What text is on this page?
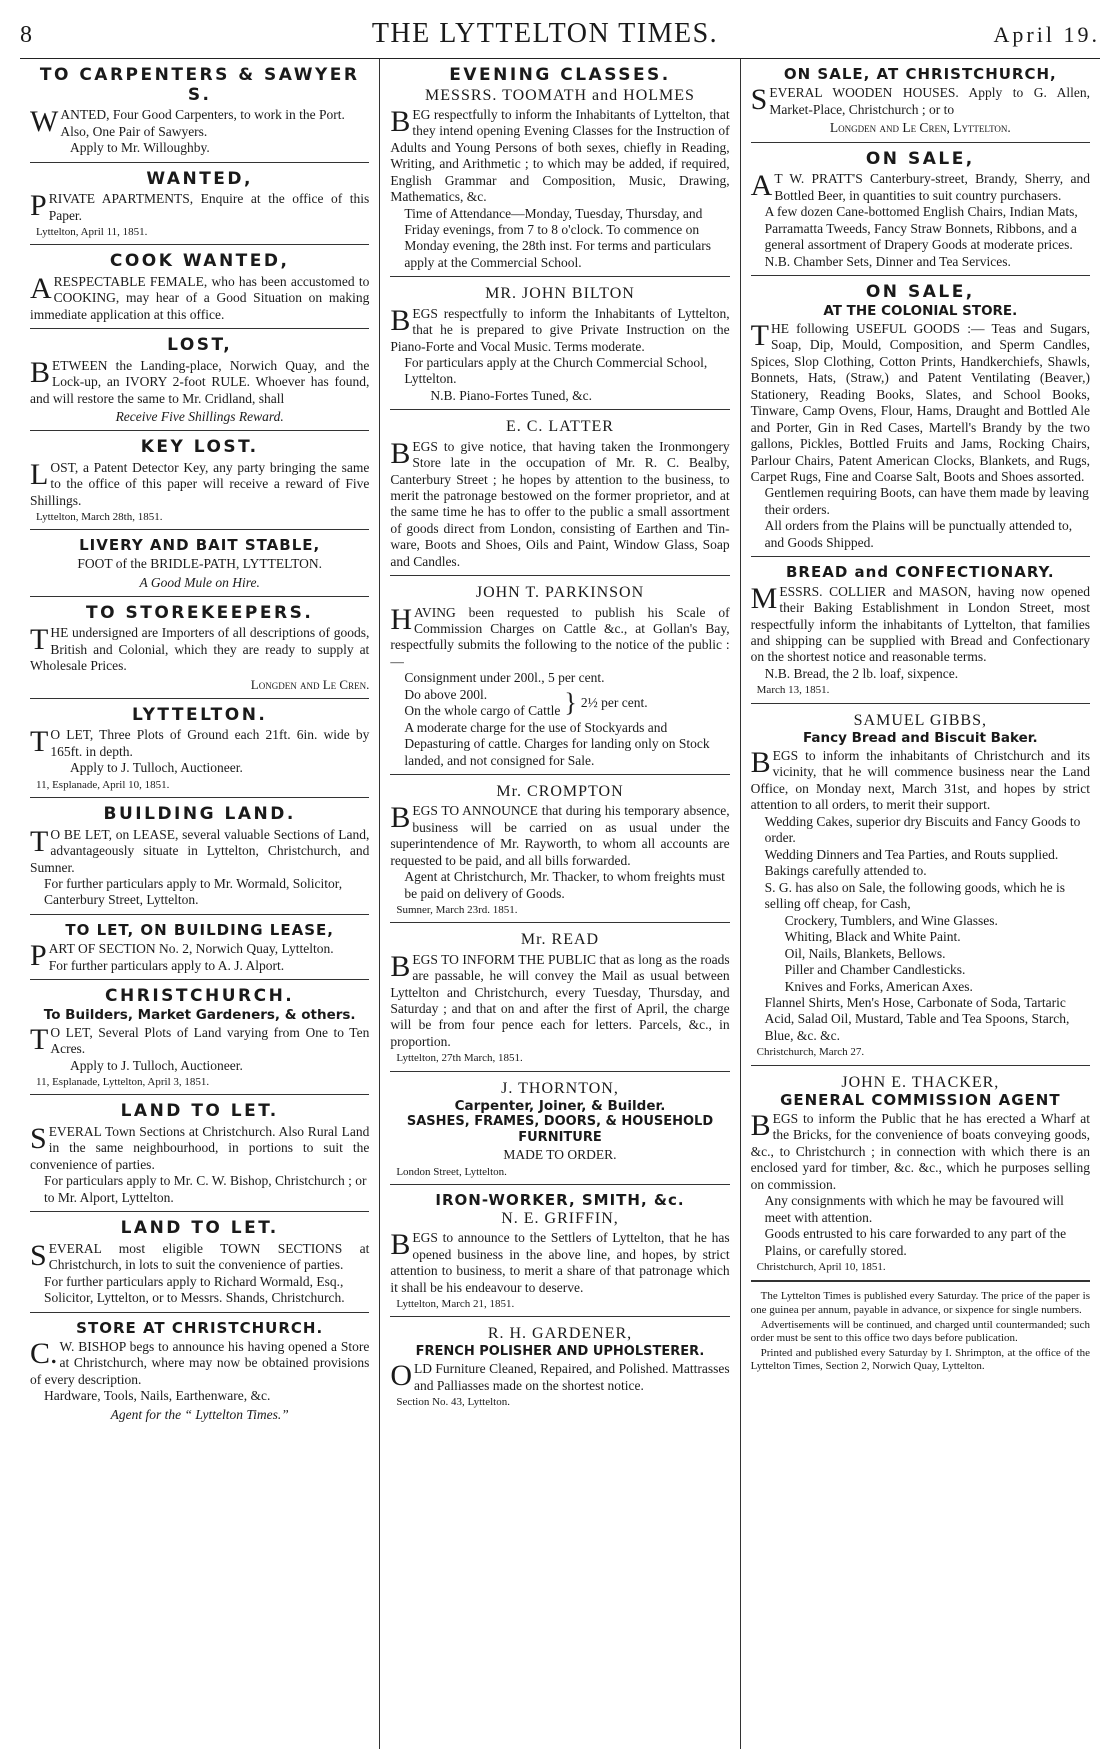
8	THE LYTTELTON TIMES.	April 19.
TO CARPENTERS & SAWYER S.

WANTED, Four Good Carpenters, to work in the Port.

Also, One Pair of Sawyers.

Apply to Mr. Willoughby.

WANTED,

PRIVATE APARTMENTS, Enquire at the office of this Paper.

Lyttelton, April 11, 1851.

COOK WANTED,

ARESPECTABLE FEMALE, who has been accustomed to COOKING, may hear of a Good Situation on making immediate application at this office.

LOST,

BETWEEN the Landing-place, Norwich Quay, and the Lock-up, an IVORY 2-foot RULE. Whoever has found, and will restore the same to Mr. Cridland, shall

Receive Five Shillings Reward.

KEY LOST.

LOST, a Patent Detector Key, any party bringing the same to the office of this paper will receive a reward of Five Shillings.

Lyttelton, March 28th, 1851.

LIVERY AND BAIT STABLE,

FOOT of the BRIDLE-PATH, LYTTELTON.

A Good Mule on Hire.

TO STOREKEEPERS.

THE undersigned are Importers of all descriptions of goods, British and Colonial, which they are ready to supply at Wholesale Prices.

Longden and Le Cren.

LYTTELTON.

TO LET, Three Plots of Ground each 21ft. 6in. wide by 165ft. in depth.

Apply to J. Tulloch, Auctioneer.

11, Esplanade, April 10, 1851.

BUILDING LAND.

TO BE LET, on LEASE, several valuable Sections of Land, advantageously situate in Lyttelton, Christchurch, and Sumner.

For further particulars apply to Mr. Wormald, Solicitor, Canterbury Street, Lyttelton.

TO LET, ON BUILDING LEASE,

PART OF SECTION No. 2, Norwich Quay, Lyttelton.

For further particulars apply to A. J. Alport.

CHRISTCHURCH.
To Builders, Market Gardeners, & others.

TO LET, Several Plots of Land varying from One to Ten Acres.

Apply to J. Tulloch, Auctioneer.

11, Esplanade, Lyttelton, April 3, 1851.

LAND TO LET.

SEVERAL Town Sections at Christchurch. Also Rural Land in the same neighbourhood, in portions to suit the convenience of parties.

For particulars apply to Mr. C. W. Bishop, Christchurch ; or to Mr. Alport, Lyttelton.

LAND TO LET.

SEVERAL most eligible TOWN SECTIONS at Christchurch, in lots to suit the convenience of parties.

For further particulars apply to Richard Wormald, Esq., Solicitor, Lyttelton, or to Messrs. Shands, Christchurch.

STORE AT CHRISTCHURCH.

C.W. BISHOP begs to announce his having opened a Store at Christchurch, where may now be obtained provisions of every description.

Hardware, Tools, Nails, Earthenware, &c.

Agent for the “ Lyttelton Times.”

EVENING CLASSES.
MESSRS. TOOMATH and HOLMES

BEG respectfully to inform the Inhabitants of Lyttelton, that they intend opening Evening Classes for the Instruction of Adults and Young Persons of both sexes, chiefly in Reading, Writing, and Arithmetic ; to which may be added, if required, English Grammar and Composition, Music, Drawing, Mathematics, &c.

Time of Attendance—Monday, Tuesday, Thursday, and Friday evenings, from 7 to 8 o'clock. To commence on Monday evening, the 28th inst. For terms and particulars apply at the Commercial School.

MR. JOHN BILTON

BEGS respectfully to inform the Inhabitants of Lyttelton, that he is prepared to give Private Instruction on the Piano-Forte and Vocal Music. Terms moderate.

For particulars apply at the Church Commercial School, Lyttelton.

N.B. Piano-Fortes Tuned, &c.

E. C. LATTER

BEGS to give notice, that having taken the Ironmongery Store late in the occupation of Mr. R. C. Bealby, Canterbury Street ; he hopes by attention to the business, to merit the patronage bestowed on the former proprietor, and at the same time he has to offer to the public a small assortment of goods direct from London, consisting of Earthen and Tin-ware, Boots and Shoes, Oils and Paint, Window Glass, Soap and Candles.

JOHN T. PARKINSON

HAVING been requested to publish his Scale of Commission Charges on Cattle &c., at Gollan's Bay, respectfully submits the following to the notice of the public :—

Consignment under 200l., 5 per cent.

Do above 200l.
On the whole cargo of Cattle } 2½ per cent.

A moderate charge for the use of Stockyards and Depasturing of cattle. Charges for landing only on Stock landed, and not consigned for Sale.

Mr. CROMPTON

BEGS TO ANNOUNCE that during his temporary absence, business will be carried on as usual under the superintendence of Mr. Rayworth, to whom all accounts are requested to be paid, and all bills forwarded.

Agent at Christchurch, Mr. Thacker, to whom freights must be paid on delivery of Goods.

Sumner, March 23rd. 1851.

Mr. READ

BEGS TO INFORM THE PUBLIC that as long as the roads are passable, he will convey the Mail as usual between Lyttelton and Christchurch, every Tuesday, Thursday, and Saturday ; and that on and after the first of April, the charge will be from four pence each for letters. Parcels, &c., in proportion.

Lyttelton, 27th March, 1851.

J. THORNTON,
Carpenter, Joiner, & Builder.
SASHES, FRAMES, DOORS, & HOUSEHOLD FURNITURE

MADE TO ORDER.

London Street, Lyttelton.

IRON-WORKER, SMITH, &c.
N. E. GRIFFIN,

BEGS to announce to the Settlers of Lyttelton, that he has opened business in the above line, and hopes, by strict attention to business, to merit a share of that patronage which it shall be his endeavour to deserve.

Lyttelton, March 21, 1851.

R. H. GARDENER,
FRENCH POLISHER AND UPHOLSTERER.

OLD Furniture Cleaned, Repaired, and Polished. Mattrasses and Palliasses made on the shortest notice.

Section No. 43, Lyttelton.

ON SALE, AT CHRISTCHURCH,

SEVERAL WOODEN HOUSES. Apply to G. Allen, Market-Place, Christchurch ; or to

Longden and Le Cren, Lyttelton.

ON SALE,

AT W. PRATT'S Canterbury-street, Brandy, Sherry, and Bottled Beer, in quantities to suit country purchasers.

A few dozen Cane-bottomed English Chairs, Indian Mats, Parramatta Tweeds, Fancy Straw Bonnets, Ribbons, and a general assortment of Drapery Goods at moderate prices.

N.B. Chamber Sets, Dinner and Tea Services.

ON SALE,
AT THE COLONIAL STORE.

THE following USEFUL GOODS :— Teas and Sugars, Soap, Dip, Mould, Composition, and Sperm Candles, Spices, Slop Clothing, Cotton Prints, Handkerchiefs, Shawls, Bonnets, Hats, (Straw,) and Patent Ventilating (Beaver,) Stationery, Reading Books, Slates, and School Books, Tinware, Camp Ovens, Flour, Hams, Draught and Bottled Ale and Porter, Gin in Red Cases, Martell's Brandy by the two gallons, Pickles, Bottled Fruits and Jams, Rocking Chairs, Parlour Chairs, Patent American Clocks, Blankets, and Rugs, Carpet Rugs, Fine and Coarse Salt, Boots and Shoes assorted.

Gentlemen requiring Boots, can have them made by leaving their orders.

All orders from the Plains will be punctually attended to, and Goods Shipped.

BREAD and CONFECTIONARY.

MESSRS. COLLIER and MASON, having now opened their Baking Establishment in London Street, most respectfully inform the inhabitants of Lyttelton, that families and shipping can be supplied with Bread and Confectionary on the shortest notice and reasonable terms.

N.B. Bread, the 2 lb. loaf, sixpence.

March 13, 1851.

SAMUEL GIBBS,
Fancy Bread and Biscuit Baker.

BEGS to inform the inhabitants of Christchurch and its vicinity, that he will commence business near the Land Office, on Monday next, March 31st, and hopes by strict attention to all orders, to merit their support.

Wedding Cakes, superior dry Biscuits and Fancy Goods to order.

Wedding Dinners and Tea Parties, and Routs supplied.

Bakings carefully attended to.

S. G. has also on Sale, the following goods, which he is selling off cheap, for Cash,

Crockery, Tumblers, and Wine Glasses.

Whiting, Black and White Paint.

Oil, Nails, Blankets, Bellows.

Piller and Chamber Candlesticks.

Knives and Forks, American Axes.

Flannel Shirts, Men's Hose, Carbonate of Soda, Tartaric Acid, Salad Oil, Mustard, Table and Tea Spoons, Starch, Blue, &c. &c.

Christchurch, March 27.

JOHN E. THACKER,
GENERAL COMMISSION AGENT

BEGS to inform the Public that he has erected a Wharf at the Bricks, for the convenience of boats conveying goods, &c., to Christchurch ; in connection with which there is an enclosed yard for timber, &c. &c., which he purposes selling on commission.

Any consignments with which he may be favoured will meet with attention.

Goods entrusted to his care forwarded to any part of the Plains, or carefully stored.

Christchurch, April 10, 1851.

The Lyttelton Times is published every Saturday. The price of the paper is one guinea per annum, payable in advance, or sixpence for single numbers.

Advertisements will be continued, and charged until countermanded; such order must be sent to this office two days before publication.

Printed and published every Saturday by I. Shrimpton, at the office of the Lyttelton Times, Section 2, Norwich Quay, Lyttelton.
